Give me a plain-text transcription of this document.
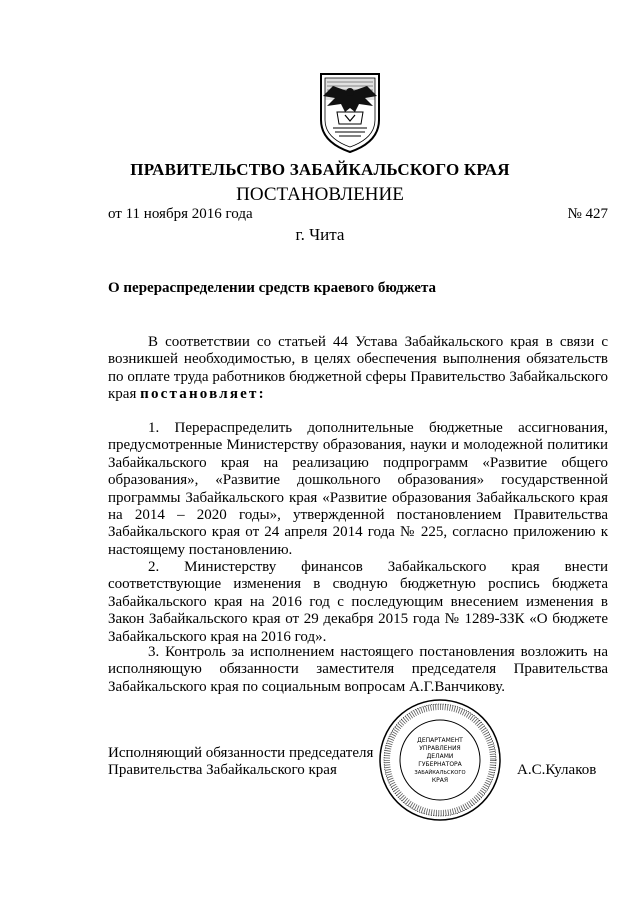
ПРАВИТЕЛЬСТВО ЗАБАЙКАЛЬСКОГО КРАЯ
ПОСТАНОВЛЕНИЕ
от 11 ноября 2016 года	№ 427
г. Чита
О перераспределении средств краевого бюджета
В соответствии со статьей 44 Устава Забайкальского края в связи с возникшей необходимостью, в целях обеспечения выполнения обязательств по оплате труда работников бюджетной сферы Правительство Забайкальского края постановляет:
1. Перераспределить дополнительные бюджетные ассигнования, предусмотренные Министерству образования, науки и молодежной политики Забайкальского края на реализацию подпрограмм «Развитие общего образования», «Развитие дошкольного образования» государственной программы Забайкальского края «Развитие образования Забайкальского края на 2014 – 2020 годы», утвержденной постановлением Правительства Забайкальского края от 24 апреля 2014 года № 225, согласно приложению к настоящему постановлению.
2. Министерству финансов Забайкальского края внести соответствующие изменения в сводную бюджетную роспись бюджета Забайкальского края на 2016 год с последующим внесением изменения в Закон Забайкальского края от 29 декабря 2015 года № 1289-ЗЗК «О бюджете Забайкальского края на 2016 год».
3. Контроль за исполнением настоящего постановления возложить на исполняющую обязанности заместителя председателя Правительства Забайкальского края по социальным вопросам А.Г.Ванчикову.
Исполняющий обязанности председателя
Правительства Забайкальского края	А.С.Кулаков
ДЕПАРТАМЕНТ
УПРАВЛЕНИЯ
ДЕЛАМИ
ГУБЕРНАТОРА
ЗАБАЙКАЛЬСКОГО
КРАЯ
